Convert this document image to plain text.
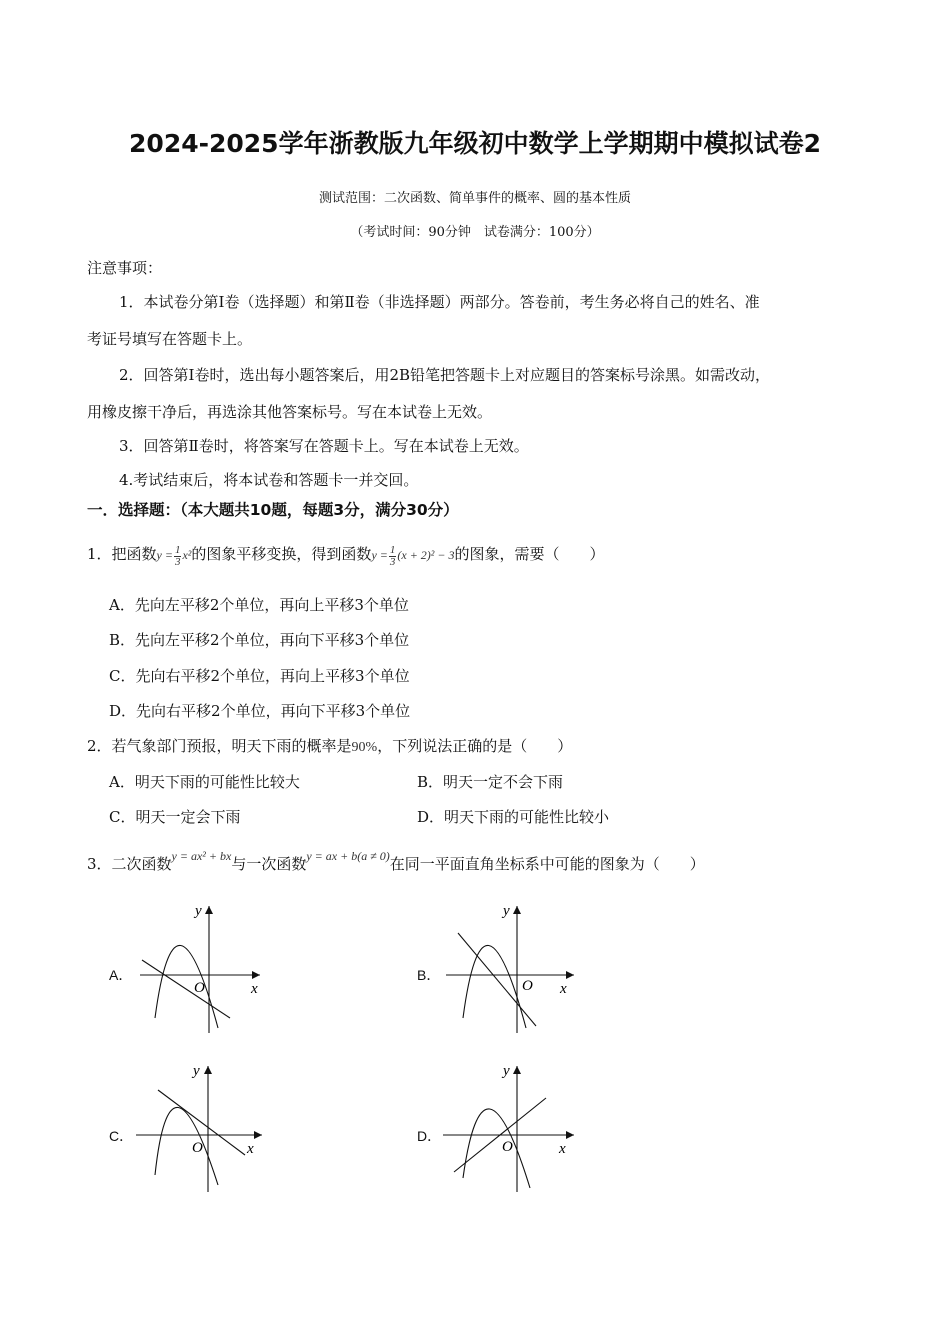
2024-2025学年浙教版九年级初中数学上学期期中模拟试卷2
测试范围：二次函数、简单事件的概率、圆的基本性质
（考试时间：90分钟　试卷满分：100分）
注意事项：
1．本试卷分第Ⅰ卷（选择题）和第Ⅱ卷（非选择题）两部分。答卷前，考生务必将自己的姓名、准
考证号填写在答题卡上。
2．回答第Ⅰ卷时，选出每小题答案后，用2B铅笔把答题卡上对应题目的答案标号涂黑。如需改动，
用橡皮擦干净后，再选涂其他答案标号。写在本试卷上无效。
3．回答第Ⅱ卷时，将答案写在答题卡上。写在本试卷上无效。
4.考试结束后，将本试卷和答题卡一并交回。
一．选择题：（本大题共10题，每题3分，满分30分）
1．把函数$y = \frac{1}{3} x^2$的图象平移变换，得到函数$y = \frac{1}{3} (x + 2)^2 - 3$的图象，需要（　　）
A．先向左平移2个单位，再向上平移3个单位
B．先向左平移2个单位，再向下平移3个单位
C．先向右平移2个单位，再向上平移3个单位
D．先向右平移2个单位，再向下平移3个单位
2．若气象部门预报，明天下雨的概率是90%，下列说法正确的是（　　）
A．明天下雨的可能性比较大	B．明天一定不会下雨
C．明天一定会下雨	D．明天下雨的可能性比较小
3．二次函数$^{y = ax^2 + bx}$与一次函数$^{y = ax + b(a \ne 0)}$在同一平面直角坐标系中可能的图象为（　　）
A．	B．
C．	D．
O	x
y
O x
y
O	x
y
O	x
y
